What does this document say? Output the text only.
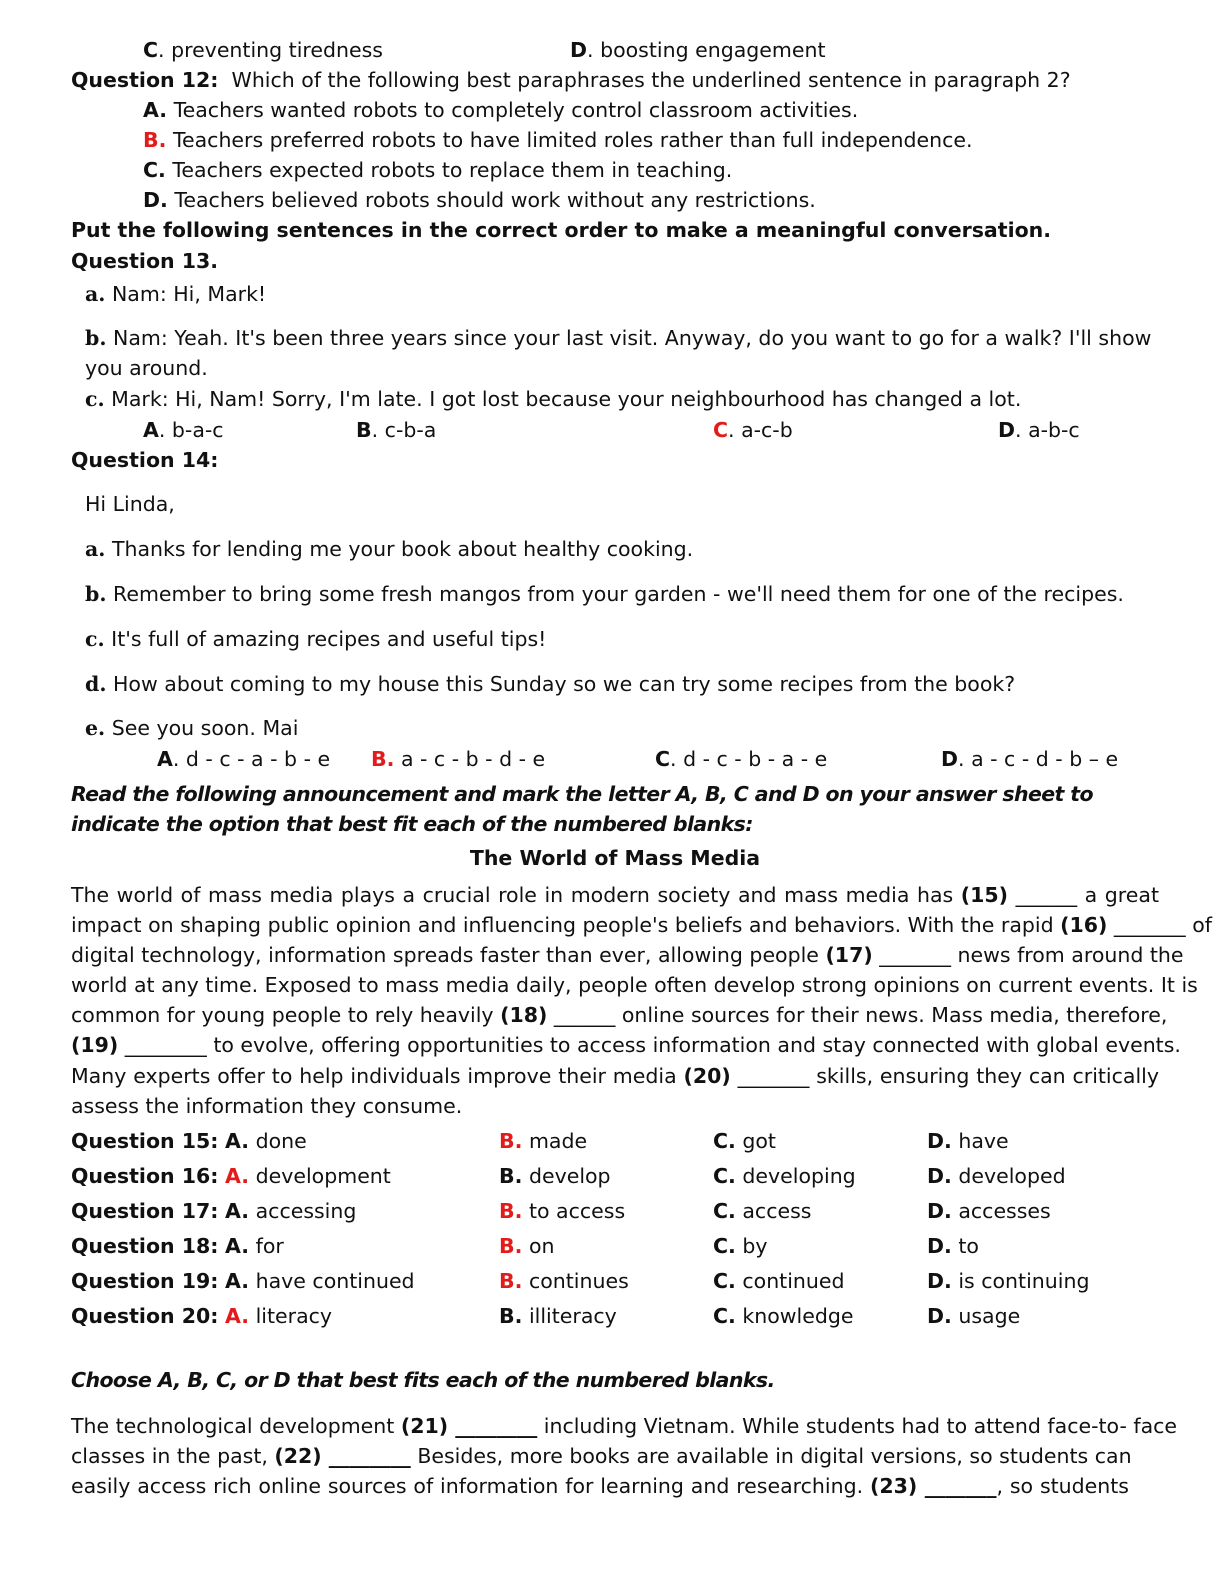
C. preventing tiredness	D. boosting engagement
Question 12: Which of the following best paraphrases the underlined sentence in paragraph 2?
A. Teachers wanted robots to completely control classroom activities.
B. Teachers preferred robots to have limited roles rather than full independence.
C. Teachers expected robots to replace them in teaching.
D. Teachers believed robots should work without any restrictions.
Put the following sentences in the correct order to make a meaningful conversation.
Question 13.
a. Nam: Hi, Mark!
b. Nam: Yeah. It's been three years since your last visit. Anyway, do you want to go for a walk? I'll show
you around.
c. Mark: Hi, Nam! Sorry, I'm late. I got lost because your neighbourhood has changed a lot.
A. b-a-c	B. c-b-a	C. a-c-b	D. a-b-c
Question 14:
Hi Linda,
a. Thanks for lending me your book about healthy cooking.
b. Remember to bring some fresh mangos from your garden - we'll need them for one of the recipes.
c. It's full of amazing recipes and useful tips!
d. How about coming to my house this Sunday so we can try some recipes from the book?
e. See you soon. Mai
A. d - c - a - b - e B. a - c - b - d - e	C. d - c - b - a - e	D. a - c - d - b – e
Read the following announcement and mark the letter A, B, C and D on your answer sheet to
indicate the option that best fit each of the numbered blanks:
The World of Mass Media
The world of mass media plays a crucial role in modern society and mass media has (15) ______ a great
impact on shaping public opinion and influencing people's beliefs and behaviors. With the rapid (16) _______ of
digital technology, information spreads faster than ever, allowing people (17) _______ news from around the
world at any time. Exposed to mass media daily, people often develop strong opinions on current events. It is
common for young people to rely heavily (18) ______ online sources for their news. Mass media, therefore,
(19) ________ to evolve, offering opportunities to access information and stay connected with global events.
Many experts offer to help individuals improve their media (20) _______ skills, ensuring they can critically
assess the information they consume.
Question 15: A. done	B. made	C. got	D. have
Question 16: A. development	B. develop	C. developing	D. developed
Question 17: A. accessing	B. to access	C. access	D. accesses
Question 18: A. for	B. on	C. by	D. to
Question 19: A. have continued	B. continues	C. continued	D. is continuing
Question 20: A. literacy	B. illiteracy	C. knowledge	D. usage
Choose A, B, C, or D that best fits each of the numbered blanks.
The technological development (21) ________ including Vietnam. While students had to attend face-to- face
classes in the past, (22) ________ Besides, more books are available in digital versions, so students can
easily access rich online sources of information for learning and researching. (23) _______, so students
